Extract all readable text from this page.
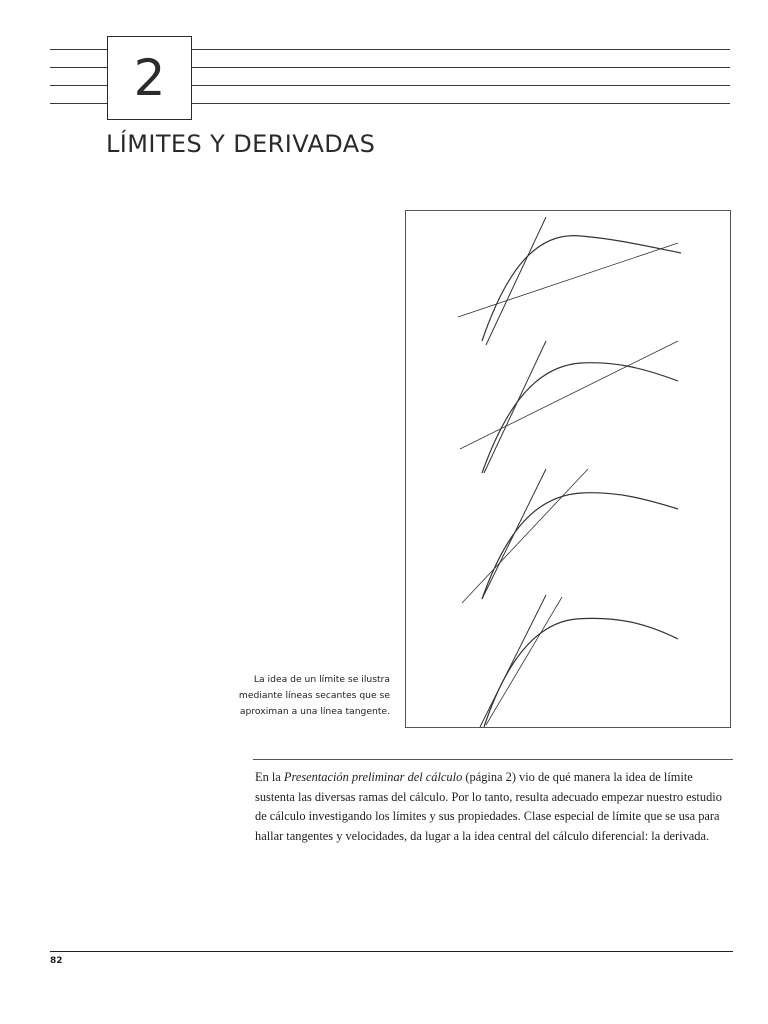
2
LÍMITES Y DERIVADAS
La idea de un límite se ilustra mediante líneas secantes que se aproximan a una línea tangente.

En la Presentación preliminar del cálculo (página 2) vio de qué manera la idea de límite sustenta las diversas ramas del cálculo. Por lo tanto, resulta adecuado empezar nuestro estudio de cálculo investigando los límites y sus propiedades. Clase especial de límite que se usa para hallar tangentes y velocidades, da lugar a la idea central del cálculo diferencial: la derivada.

82
